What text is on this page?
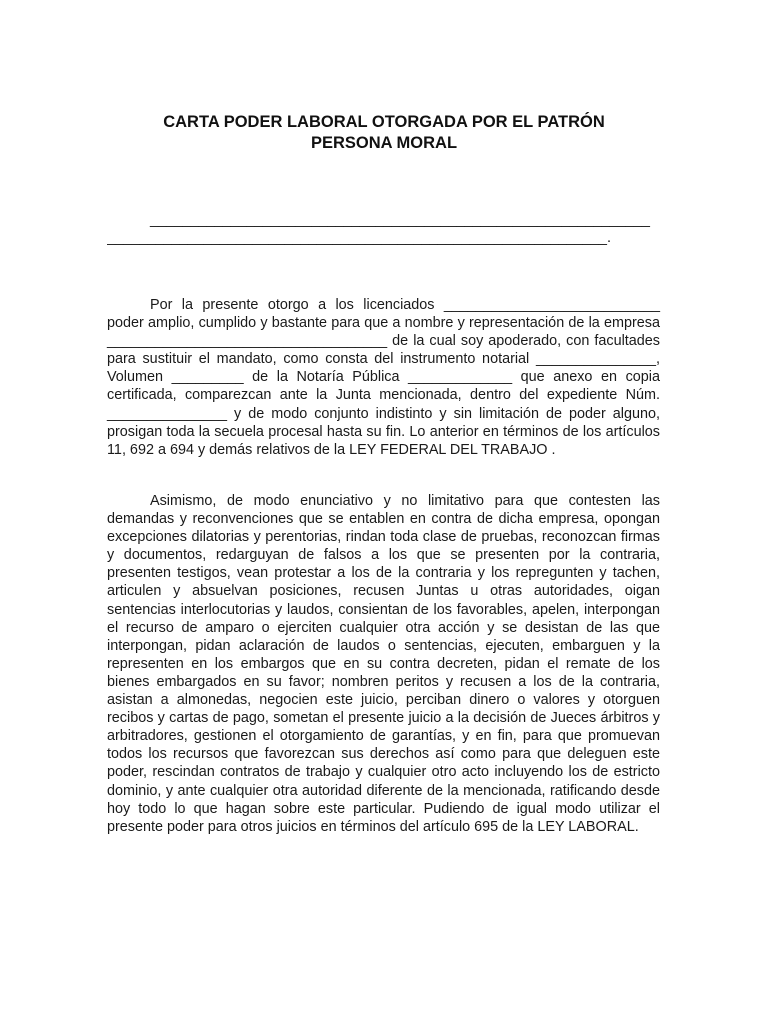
CARTA PODER LABORAL OTORGADA POR EL PATRÓN
PERSONA MORAL
______________________________________________________________
______________________________________________________________.

Por la presente otorgo a los licenciados ___________________________ poder amplio, cumplido y bastante para que a nombre y representación de la empresa ___________________________________ de la cual soy apoderado, con facultades para sustituir el mandato, como consta del instrumento notarial _______________, Volumen _________ de la Notaría Pública _____________ que anexo en copia certificada, comparezcan ante la Junta mencionada, dentro del expediente Núm. _______________ y de modo conjunto indistinto y sin limitación de poder alguno, prosigan toda la secuela procesal hasta su fin. Lo anterior en términos de los artículos 11, 692 a 694 y demás relativos de la LEY FEDERAL DEL TRABAJO .

Asimismo, de modo enunciativo y no limitativo para que contesten las demandas y reconvenciones que se entablen en contra de dicha empresa, opongan excepciones dilatorias y perentorias, rindan toda clase de pruebas, reconozcan firmas y documentos, redarguyan de falsos a los que se presenten por la contraria, presenten testigos, vean protestar a los de la contraria y los repregunten y tachen, articulen y absuelvan posiciones, recusen Juntas u otras autoridades, oigan sentencias interlocutorias y laudos, consientan de los favorables, apelen, interpongan el recurso de amparo o ejerciten cualquier otra acción y se desistan de las que interpongan, pidan aclaración de laudos o sentencias, ejecuten, embarguen y la representen en los embargos que en su contra decreten, pidan el remate de los bienes embargados en su favor; nombren peritos y recusen a los de la contraria, asistan a almonedas, negocien este juicio, perciban dinero o valores y otorguen recibos y cartas de pago, sometan el presente juicio a la decisión de Jueces árbitros y arbitradores, gestionen el otorgamiento de garantías, y en fin, para que promuevan todos los recursos que favorezcan sus derechos así como para que deleguen este poder, rescindan contratos de trabajo y cualquier otro acto incluyendo los de estricto dominio, y ante cualquier otra autoridad diferente de la mencionada, ratificando desde hoy todo lo que hagan sobre este particular. Pudiendo de igual modo utilizar el presente poder para otros juicios en términos del artículo 695 de la LEY LABORAL.
